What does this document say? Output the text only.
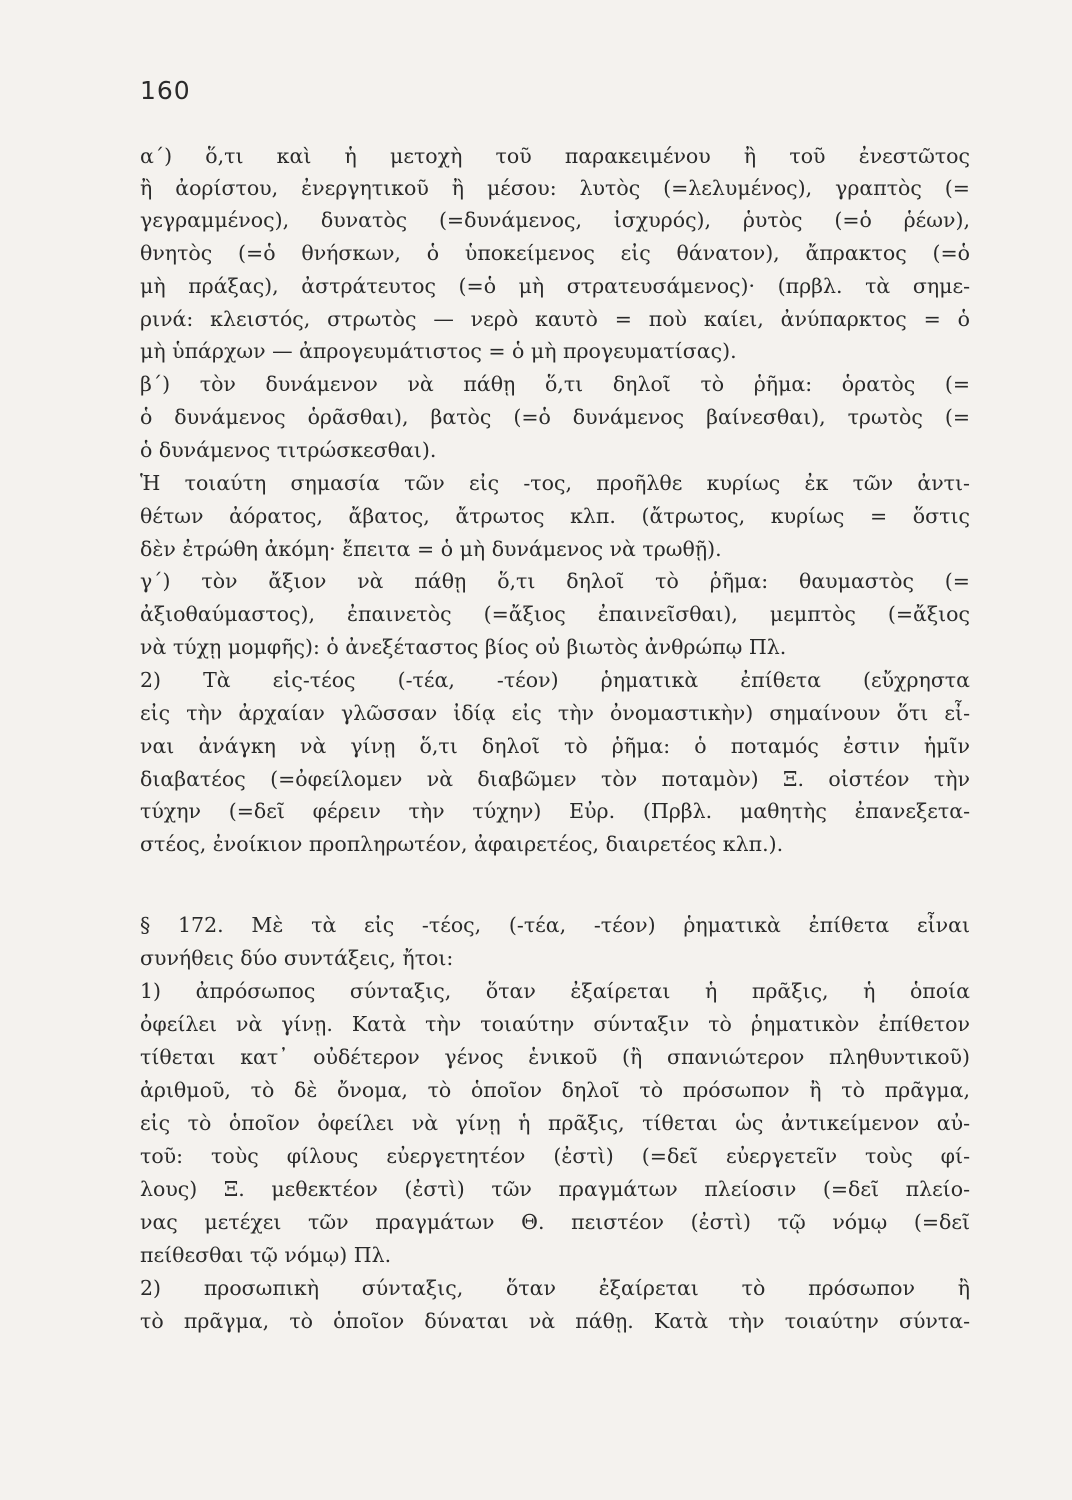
160
α΄) ὅ,τι καὶ ἡ μετοχὴ τοῦ παρακειμένου ἢ τοῦ ἐνεστῶτος
ἢ ἀορίστου, ἐνεργητικοῦ ἢ μέσου: λυτὸς (=λελυμένος), γραπτὸς (=
γεγραμμένος), δυνατὸς (=δυνάμενος, ἰσχυρός), ῥυτὸς (=ὁ ῥέων),
θνητὸς (=ὁ θνήσκων, ὁ ὑποκείμενος εἰς θάνατον), ἄπρακτος (=ὁ
μὴ πράξας), ἀστράτευτος (=ὁ μὴ στρατευσάμενος)· (πρβλ. τὰ σημε-
ρινά: κλειστός, στρωτὸς — νερὸ καυτὸ = ποὺ καίει, ἀνύπαρκτος = ὁ
μὴ ὑπάρχων — ἀπρογευμάτιστος = ὁ μὴ προγευματίσας).
β΄) τὸν δυνάμενον νὰ πάθῃ ὅ,τι δηλοῖ τὸ ῥῆμα: ὁρατὸς (=
ὁ δυνάμενος ὁρᾶσθαι), βατὸς (=ὁ δυνάμενος βαίνεσθαι), τρωτὸς (=
ὁ δυνάμενος τιτρώσκεσθαι).
Ἡ τοιαύτη σημασία τῶν εἰς -τος, προῆλθε κυρίως ἐκ τῶν ἀντι-
θέτων ἀόρατος, ἄβατος, ἄτρωτος κλπ. (ἄτρωτος, κυρίως = ὅστις
δὲν ἐτρώθη ἀκόμη· ἔπειτα = ὁ μὴ δυνάμενος νὰ τρωθῇ).
γ΄) τὸν ἄξιον νὰ πάθῃ ὅ,τι δηλοῖ τὸ ῥῆμα: θαυμαστὸς (=
ἀξιοθαύμαστος), ἐπαινετὸς (=ἄξιος ἐπαινεῖσθαι), μεμπτὸς (=ἄξιος
νὰ τύχῃ μομφῆς): ὁ ἀνεξέταστος βίος οὐ βιωτὸς ἀνθρώπῳ Πλ.
2) Τὰ εἰς-τέος (-τέα, -τέον) ῥηματικὰ ἐπίθετα (εὔχρηστα
εἰς τὴν ἀρχαίαν γλῶσσαν ἰδίᾳ εἰς τὴν ὀνομαστικὴν) σημαίνουν ὅτι εἶ-
ναι ἀνάγκη νὰ γίνῃ ὅ,τι δηλοῖ τὸ ῥῆμα: ὁ ποταμός ἐστιν ἡμῖν
διαβατέος (=ὀφείλομεν νὰ διαβῶμεν τὸν ποταμὸν) Ξ. οἰστέον τὴν
τύχην (=δεῖ φέρειν τὴν τύχην) Εὐρ. (Πρβλ. μαθητὴς ἐπανεξετα-
στέος, ἐνοίκιον προπληρωτέον, ἀφαιρετέος, διαιρετέος κλπ.).
§ 172. Μὲ τὰ εἰς -τέος, (-τέα, -τέον) ῥηματικὰ ἐπίθετα εἶναι
συνήθεις δύο συντάξεις, ἤτοι:
1) ἀπρόσωπος σύνταξις, ὅταν ἐξαίρεται ἡ πρᾶξις, ἡ ὁποία
ὀφείλει νὰ γίνῃ. Κατὰ τὴν τοιαύτην σύνταξιν τὸ ῥηματικὸν ἐπίθετον
τίθεται κατ᾽ οὐδέτερον γένος ἑνικοῦ (ἢ σπανιώτερον πληθυντικοῦ)
ἀριθμοῦ, τὸ δὲ ὄνομα, τὸ ὁποῖον δηλοῖ τὸ πρόσωπον ἢ τὸ πρᾶγμα,
εἰς τὸ ὁποῖον ὀφείλει νὰ γίνῃ ἡ πρᾶξις, τίθεται ὡς ἀντικείμενον αὐ-
τοῦ: τοὺς φίλους εὐεργετητέον (ἐστὶ) (=δεῖ εὐεργετεῖν τοὺς φί-
λους) Ξ. μεθεκτέον (ἐστὶ) τῶν πραγμάτων πλείοσιν (=δεῖ πλείο-
νας μετέχει τῶν πραγμάτων Θ. πειστέον (ἐστὶ) τῷ νόμῳ (=δεῖ
πείθεσθαι τῷ νόμῳ) Πλ.
2) προσωπικὴ σύνταξις, ὅταν ἐξαίρεται τὸ πρόσωπον ἢ
τὸ πρᾶγμα, τὸ ὁποῖον δύναται νὰ πάθῃ. Κατὰ τὴν τοιαύτην σύντα-
